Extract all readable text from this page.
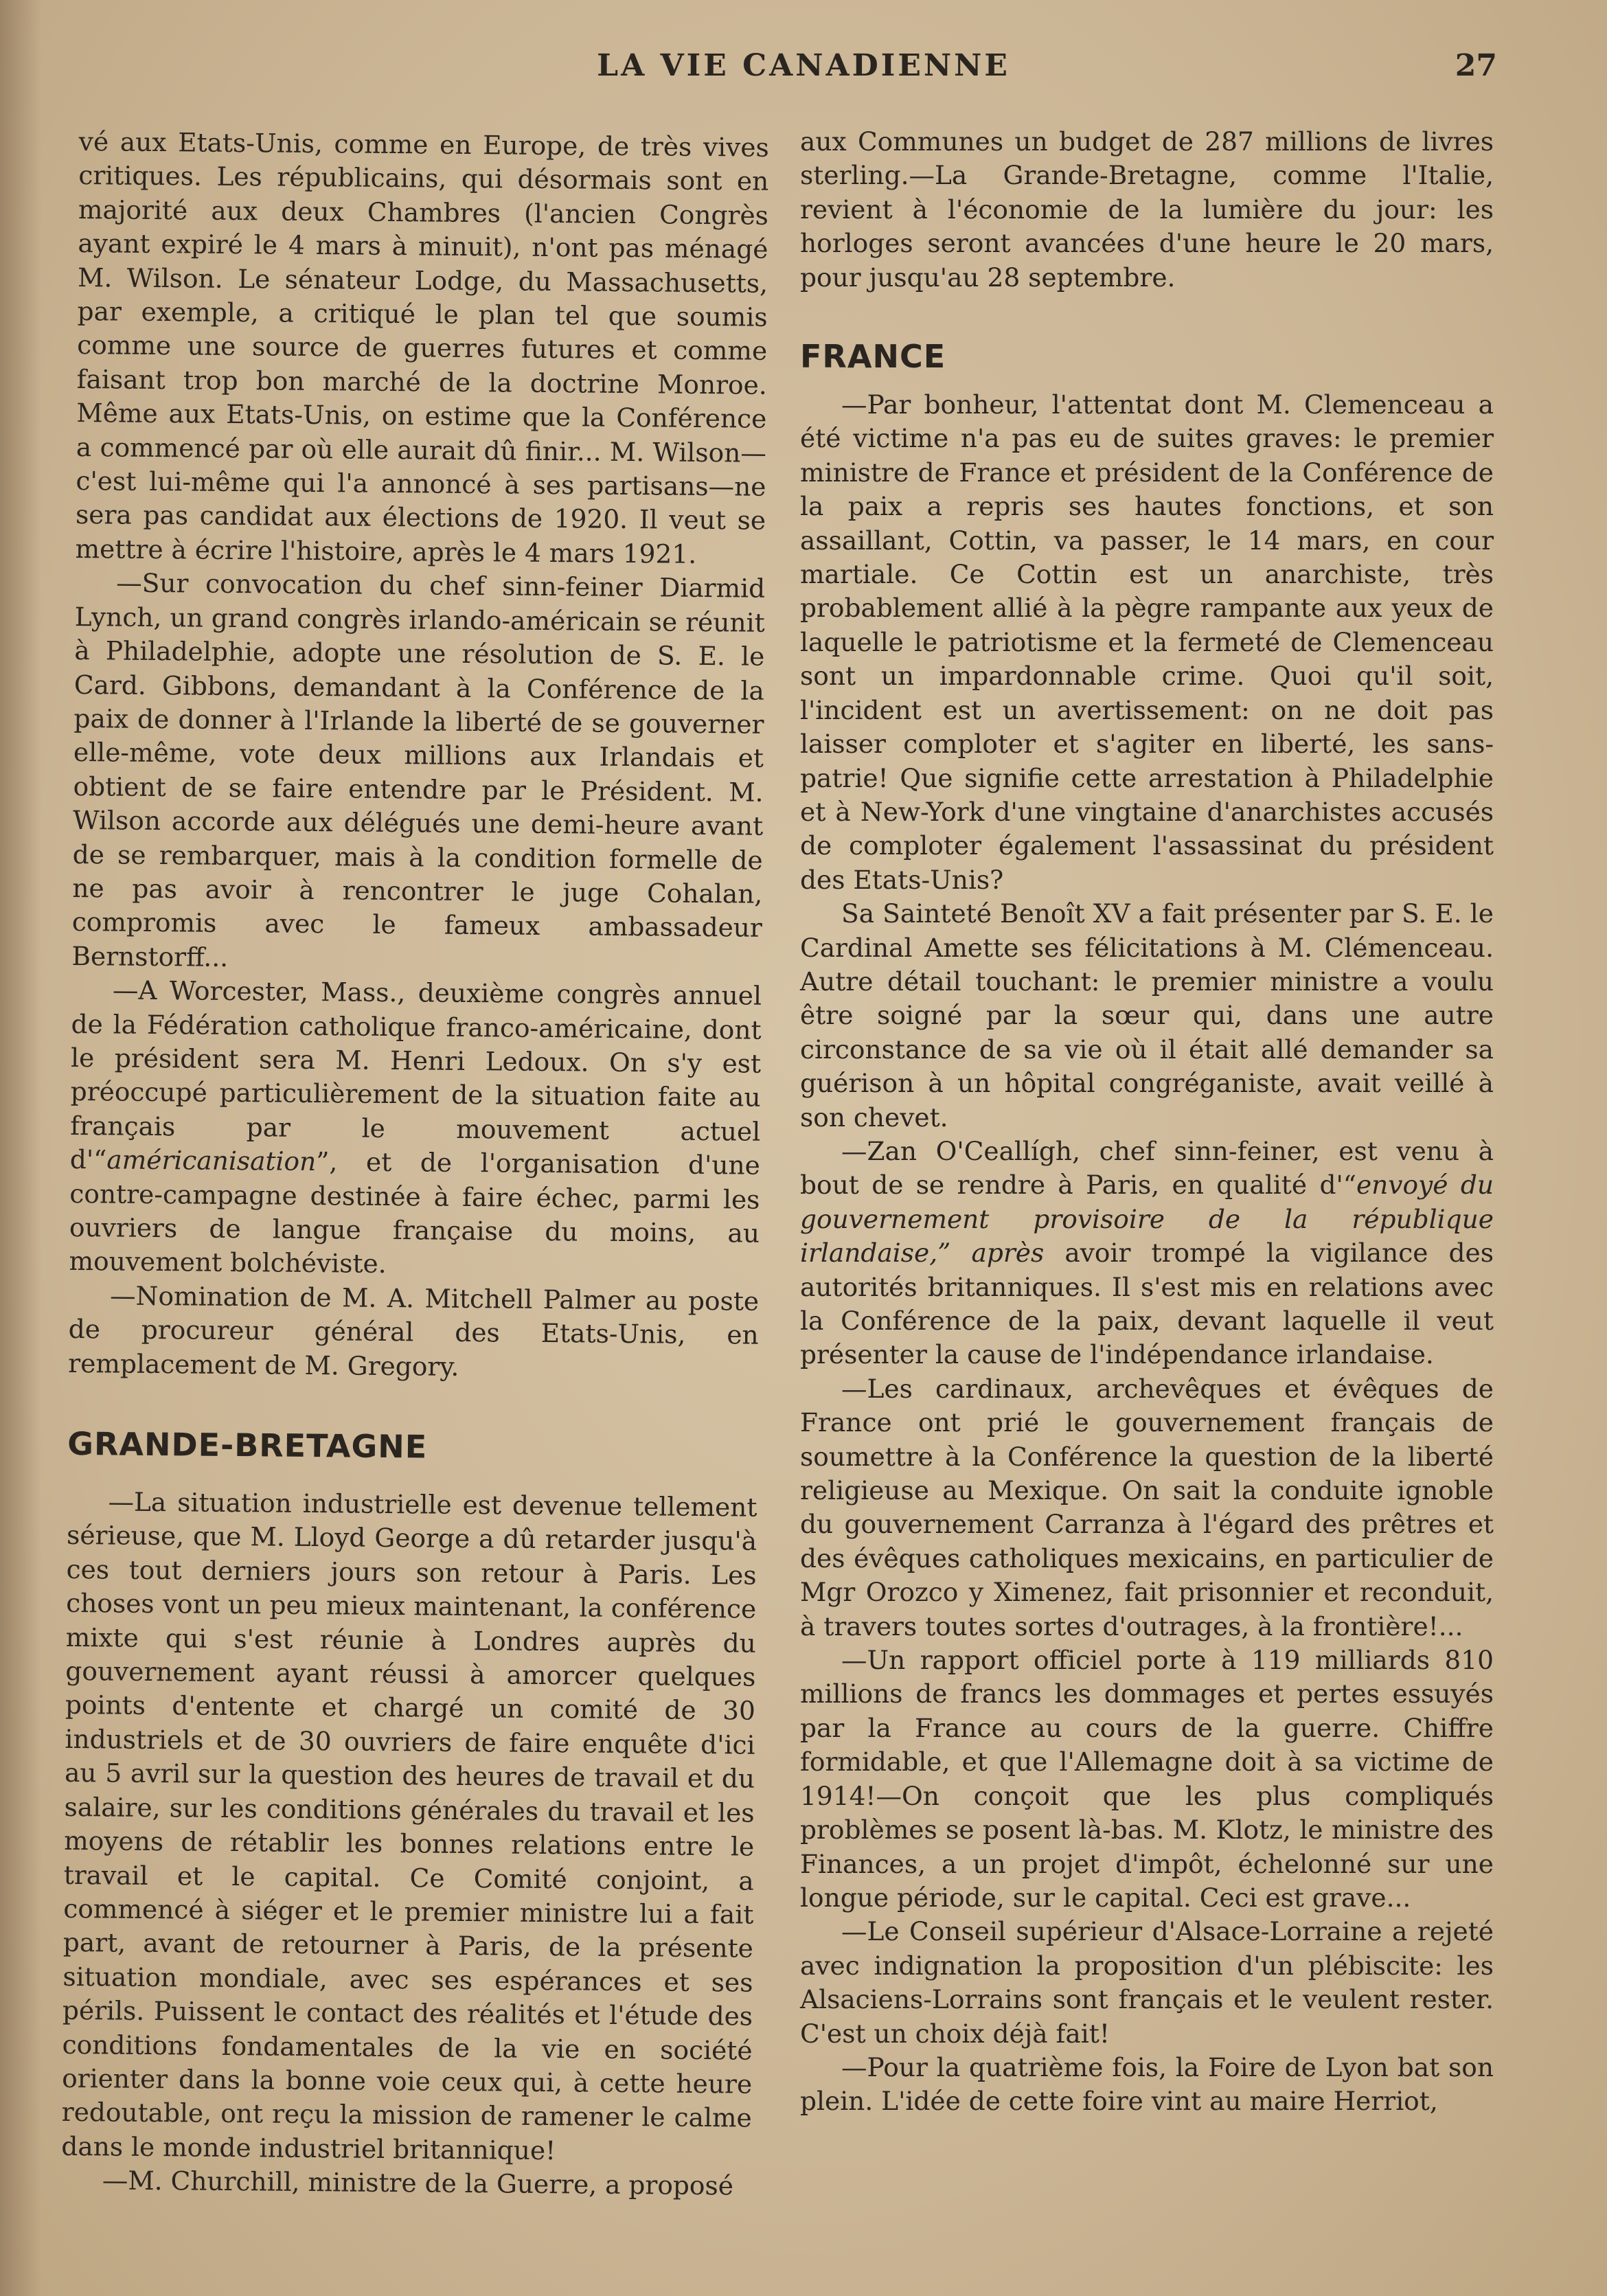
LA VIE CANADIENNE	27

vé aux Etats-Unis, comme en Europe, de très vives critiques. Les républicains, qui désormais sont en majorité aux deux Chambres (l'ancien Congrès ayant expiré le 4 mars à minuit), n'ont pas ménagé M. Wilson. Le sénateur Lodge, du Massachusetts, par exemple, a critiqué le plan tel que soumis comme une source de guerres futures et comme faisant trop bon marché de la doctrine Monroe. Même aux Etats-Unis, on estime que la Conférence a commencé par où elle aurait dû finir... M. Wilson—c'est lui-même qui l'a annoncé à ses partisans—ne sera pas candidat aux élections de 1920. Il veut se mettre à écrire l'histoire, après le 4 mars 1921.

—Sur convocation du chef sinn-feiner Diarmid Lynch, un grand congrès irlando-américain se réunit à Philadelphie, adopte une résolution de S. E. le Card. Gibbons, demandant à la Conférence de la paix de donner à l'Irlande la liberté de se gouverner elle-même, vote deux millions aux Irlandais et obtient de se faire entendre par le Président. M. Wilson accorde aux délégués une demi-heure avant de se rembarquer, mais à la condition formelle de ne pas avoir à rencontrer le juge Cohalan, compromis avec le fameux ambassadeur Bernstorff...

—A Worcester, Mass., deuxième congrès annuel de la Fédération catholique franco-américaine, dont le président sera M. Henri Ledoux. On s'y est préoccupé particulièrement de la situation faite au français par le mouvement actuel d'“américanisation”, et de l'organisation d'une contre-campagne destinée à faire échec, parmi les ouvriers de langue française du moins, au mouvement bolchéviste.

—Nomination de M. A. Mitchell Palmer au poste de procureur général des Etats-Unis, en remplacement de M. Gregory.

GRANDE-BRETAGNE

—La situation industrielle est devenue tellement sérieuse, que M. Lloyd George a dû retarder jusqu'à ces tout derniers jours son retour à Paris. Les choses vont un peu mieux maintenant, la conférence mixte qui s'est réunie à Londres auprès du gouvernement ayant réussi à amorcer quelques points d'entente et chargé un comité de 30 industriels et de 30 ouvriers de faire enquête d'ici au 5 avril sur la question des heures de travail et du salaire, sur les conditions générales du travail et les moyens de rétablir les bonnes relations entre le travail et le capital. Ce Comité conjoint, a commencé à siéger et le premier ministre lui a fait part, avant de retourner à Paris, de la présente situation mondiale, avec ses espérances et ses périls. Puissent le contact des réalités et l'étude des conditions fondamentales de la vie en société orienter dans la bonne voie ceux qui, à cette heure redoutable, ont reçu la mission de ramener le calme dans le monde industriel britannique!

—M. Churchill, ministre de la Guerre, a proposé

aux Communes un budget de 287 millions de livres sterling.—La Grande-Bretagne, comme l'Italie, revient à l'économie de la lumière du jour: les horloges seront avancées d'une heure le 20 mars, pour jusqu'au 28 septembre.

FRANCE

—Par bonheur, l'attentat dont M. Clemenceau a été victime n'a pas eu de suites graves: le premier ministre de France et président de la Conférence de la paix a repris ses hautes fonctions, et son assaillant, Cottin, va passer, le 14 mars, en cour martiale. Ce Cottin est un anarchiste, très probablement allié à la pègre rampante aux yeux de laquelle le patriotisme et la fermeté de Clemenceau sont un impardonnable crime. Quoi qu'il soit, l'incident est un avertissement: on ne doit pas laisser comploter et s'agiter en liberté, les sans-patrie! Que signifie cette arrestation à Philadelphie et à New-York d'une vingtaine d'anarchistes accusés de comploter également l'assassinat du président des Etats-Unis?

Sa Sainteté Benoît XV a fait présenter par S. E. le Cardinal Amette ses félicitations à M. Clémenceau. Autre détail touchant: le premier ministre a voulu être soigné par la sœur qui, dans une autre circonstance de sa vie où il était allé demander sa guérison à un hôpital congréganiste, avait veillé à son chevet.

—Zan O'Ceallígh, chef sinn-feiner, est venu à bout de se rendre à Paris, en qualité d'“envoyé du gouvernement provisoire de la république irlandaise,” après avoir trompé la vigilance des autorités britanniques. Il s'est mis en relations avec la Conférence de la paix, devant laquelle il veut présenter la cause de l'indépendance irlandaise.

—Les cardinaux, archevêques et évêques de France ont prié le gouvernement français de soumettre à la Conférence la question de la liberté religieuse au Mexique. On sait la conduite ignoble du gouvernement Carranza à l'égard des prêtres et des évêques catholiques mexicains, en particulier de Mgr Orozco y Ximenez, fait prisonnier et reconduit, à travers toutes sortes d'outrages, à la frontière!...

—Un rapport officiel porte à 119 milliards 810 millions de francs les dommages et pertes essuyés par la France au cours de la guerre. Chiffre formidable, et que l'Allemagne doit à sa victime de 1914!—On conçoit que les plus compliqués problèmes se posent là-bas. M. Klotz, le ministre des Finances, a un projet d'impôt, échelonné sur une longue période, sur le capital. Ceci est grave...

—Le Conseil supérieur d'Alsace-Lorraine a rejeté avec indignation la proposition d'un plébiscite: les Alsaciens-Lorrains sont français et le veulent rester. C'est un choix déjà fait!

—Pour la quatrième fois, la Foire de Lyon bat son plein. L'idée de cette foire vint au maire Herriot,
